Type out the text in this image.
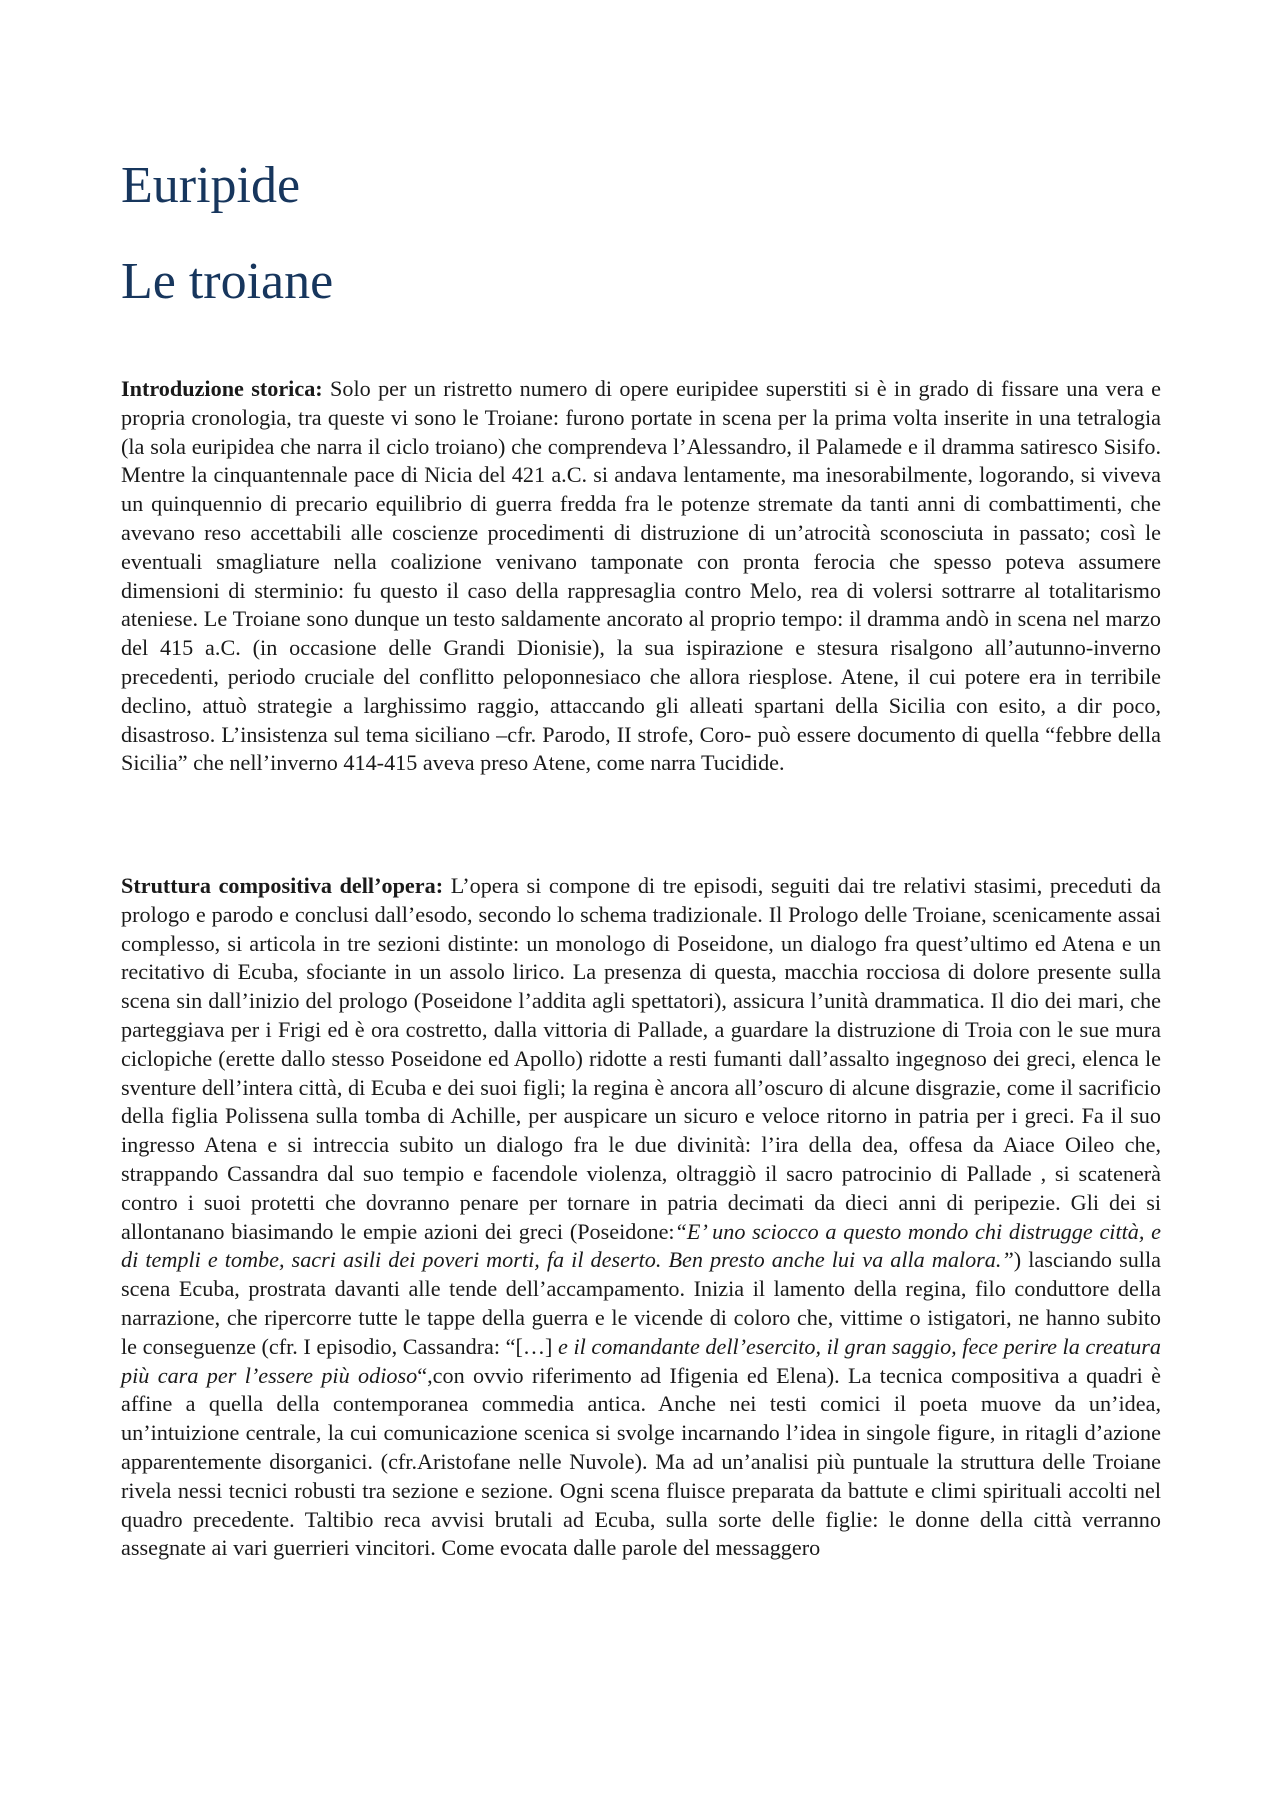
Euripide
Le troiane

Introduzione storica: Solo per un ristretto numero di opere euripidee superstiti si è in grado di fissare una vera e propria cronologia, tra queste vi sono le Troiane: furono portate in scena per la prima volta inserite in una tetralogia (la sola euripidea che narra il ciclo troiano) che comprendeva l’Alessandro, il Palamede e il dramma satiresco Sisifo. Mentre la cinquantennale pace di Nicia del 421 a.C. si andava lentamente, ma inesorabilmente, logorando, si viveva un quinquennio di precario equilibrio di guerra fredda fra le potenze stremate da tanti anni di combattimenti, che avevano reso accettabili alle coscienze procedimenti di distruzione di un’atrocità sconosciuta in passato; così le eventuali smagliature nella coalizione venivano tamponate con pronta ferocia che spesso poteva assumere dimensioni di sterminio: fu questo il caso della rappresaglia contro Melo, rea di volersi sottrarre al totalitarismo ateniese. Le Troiane sono dunque un testo saldamente ancorato al proprio tempo: il dramma andò in scena nel marzo del 415 a.C. (in occasione delle Grandi Dionisie), la sua ispirazione e stesura risalgono all’autunno-inverno precedenti, periodo cruciale del conflitto peloponnesiaco che allora riesplose. Atene, il cui potere era in terribile declino, attuò strategie a larghissimo raggio, attaccando gli alleati spartani della Sicilia con esito, a dir poco, disastroso. L’insistenza sul tema siciliano –cfr. Parodo, II strofe, Coro- può essere documento di quella “febbre della Sicilia” che nell’inverno 414-415 aveva preso Atene, come narra Tucidide.

Struttura compositiva dell’opera: L’opera si compone di tre episodi, seguiti dai tre relativi stasimi, preceduti da prologo e parodo e conclusi dall’esodo, secondo lo schema tradizionale. Il Prologo delle Troiane, scenicamente assai complesso, si articola in tre sezioni distinte: un monologo di Poseidone, un dialogo fra quest’ultimo ed Atena e un recitativo di Ecuba, sfociante in un assolo lirico. La presenza di questa, macchia rocciosa di dolore presente sulla scena sin dall’inizio del prologo (Poseidone l’addita agli spettatori), assicura l’unità drammatica. Il dio dei mari, che parteggiava per i Frigi ed è ora costretto, dalla vittoria di Pallade, a guardare la distruzione di Troia con le sue mura ciclopiche (erette dallo stesso Poseidone ed Apollo) ridotte a resti fumanti dall’assalto ingegnoso dei greci, elenca le sventure dell’intera città, di Ecuba e dei suoi figli; la regina è ancora all’oscuro di alcune disgrazie, come il sacrificio della figlia Polissena sulla tomba di Achille, per auspicare un sicuro e veloce ritorno in patria per i greci. Fa il suo ingresso Atena e si intreccia subito un dialogo fra le due divinità: l’ira della dea, offesa da Aiace Oileo che, strappando Cassandra dal suo tempio e facendole violenza, oltraggiò il sacro patrocinio di Pallade , si scatenerà contro i suoi protetti che dovranno penare per tornare in patria decimati da dieci anni di peripezie. Gli dei si allontanano biasimando le empie azioni dei greci (Poseidone:“E’ uno sciocco a questo mondo chi distrugge città, e di templi e tombe, sacri asili dei poveri morti, fa il deserto. Ben presto anche lui va alla malora.”) lasciando sulla scena Ecuba, prostrata davanti alle tende dell’accampamento. Inizia il lamento della regina, filo conduttore della narrazione, che ripercorre tutte le tappe della guerra e le vicende di coloro che, vittime o istigatori, ne hanno subito le conseguenze (cfr. I episodio, Cassandra: “[…] e il comandante dell’esercito, il gran saggio, fece perire la creatura più cara per l’essere più odioso“,con ovvio riferimento ad Ifigenia ed Elena). La tecnica compositiva a quadri è affine a quella della contemporanea commedia antica. Anche nei testi comici il poeta muove da un’idea, un’intuizione centrale, la cui comunicazione scenica si svolge incarnando l’idea in singole figure, in ritagli d’azione apparentemente disorganici. (cfr.Aristofane nelle Nuvole). Ma ad un’analisi più puntuale la struttura delle Troiane rivela nessi tecnici robusti tra sezione e sezione. Ogni scena fluisce preparata da battute e climi spirituali accolti nel quadro precedente. Taltibio reca avvisi brutali ad Ecuba, sulla sorte delle figlie: le donne della città verranno assegnate ai vari guerrieri vincitori. Come evocata dalle parole del messaggero
